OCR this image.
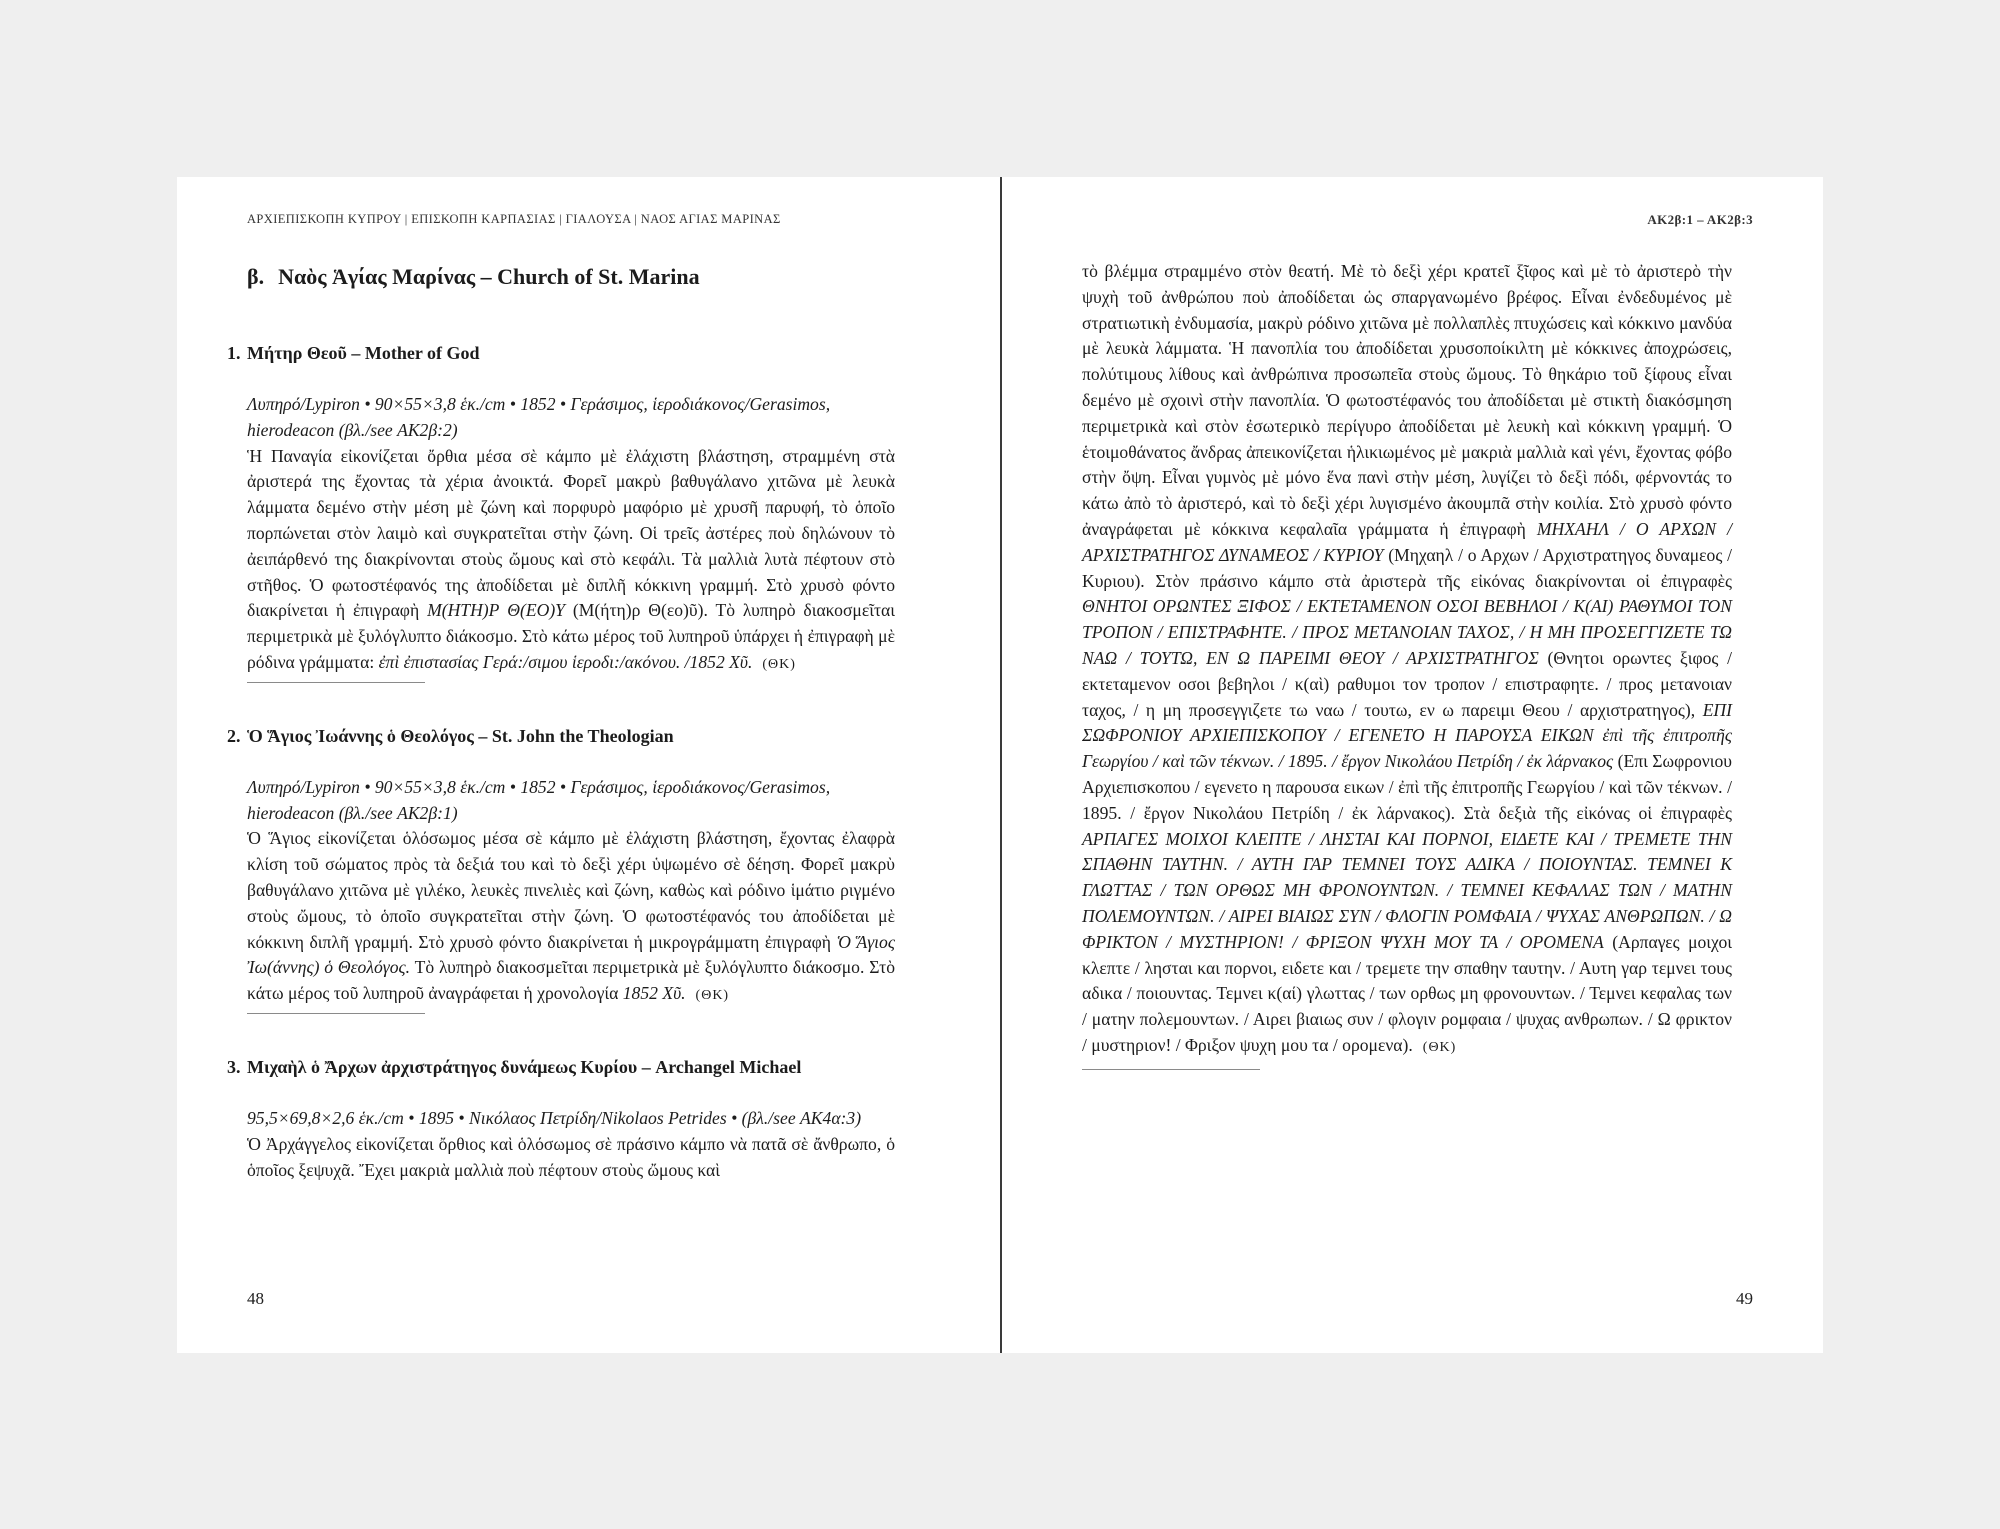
ΑΡΧΙΕΠΙΣΚΟΠΗ ΚΥΠΡΟΥ | ΕΠΙΣΚΟΠΗ ΚΑΡΠΑΣΙΑΣ | ΓΙΑΛΟΥΣΑ | ΝΑΟΣ ΑΓΙΑΣ ΜΑΡΙΝΑΣ
β. Ναὸς Ἁγίας Μαρίνας – Church of St. Marina
1. Μήτηρ Θεοῦ – Mother of God

Λυπηρό/Lypiron • 90×55×3,8 ἑκ./cm • 1852 • Γεράσιμος, ἱεροδιάκονος/Gerasimos, hierodeacon (βλ./see ΑΚ2β:2)

Ἡ Παναγία εἰκονίζεται ὄρθια μέσα σὲ κάμπο μὲ ἐλάχιστη βλάστηση, στραμμένη στὰ ἀριστερά της ἔχοντας τὰ χέρια ἀνοικτά. Φορεῖ μακρὺ βαθυγάλανο χιτῶνα μὲ λευκὰ λάμματα δεμένο στὴν μέση μὲ ζώνη καὶ πορφυρὸ μαφόριο μὲ χρυσῆ παρυφή, τὸ ὁποῖο πορπώνεται στὸν λαιμὸ καὶ συγκρατεῖται στὴν ζώνη. Οἱ τρεῖς ἀστέρες ποὺ δηλώνουν τὸ ἀειπάρθενό της διακρίνονται στοὺς ὤμους καὶ στὸ κεφάλι. Τὰ μαλλιὰ λυτὰ πέφτουν στὸ στῆθος. Ὁ φωτοστέφανός της ἀποδίδεται μὲ διπλῆ κόκκινη γραμμή. Στὸ χρυσὸ φόντο διακρίνεται ἡ ἐπιγραφὴ Μ(ΗΤΗ)Ρ Θ(ΕΟ)Υ (Μ(ήτη)ρ Θ(εο)ῦ). Τὸ λυπηρὸ διακοσμεῖται περιμετρικὰ μὲ ξυλόγλυπτο διάκοσμο. Στὸ κάτω μέρος τοῦ λυπηροῦ ὑπάρχει ἡ ἐπιγραφὴ μὲ ρόδινα γράμματα: ἐπὶ ἐπιστασίας Γερά:/σιμου ἱεροδι:/ακόνου. /1852 Χῦ. (ΘΚ)

2. Ὁ Ἅγιος Ἰωάννης ὁ Θεολόγος – St. John the Theologian

Λυπηρό/Lypiron • 90×55×3,8 ἑκ./cm • 1852 • Γεράσιμος, ἱεροδιάκονος/Gerasimos, hierodeacon (βλ./see ΑΚ2β:1)

Ὁ Ἅγιος εἰκονίζεται ὁλόσωμος μέσα σὲ κάμπο μὲ ἐλάχιστη βλάστηση, ἔχοντας ἐλαφρὰ κλίση τοῦ σώματος πρὸς τὰ δεξιά του καὶ τὸ δεξὶ χέρι ὑψωμένο σὲ δέηση. Φορεῖ μακρὺ βαθυγάλανο χιτῶνα μὲ γιλέκο, λευκὲς πινελιὲς καὶ ζώνη, καθὼς καὶ ρόδινο ἱμάτιο ριγμένο στοὺς ὤμους, τὸ ὁποῖο συγκρατεῖται στὴν ζώνη. Ὁ φωτοστέφανός του ἀποδίδεται μὲ κόκκινη διπλῆ γραμμή. Στὸ χρυσὸ φόντο διακρίνεται ἡ μικρογράμματη ἐπιγραφὴ Ὁ Ἅγιος Ἰω(άννης) ὁ Θεολόγος. Τὸ λυπηρὸ διακοσμεῖται περιμετρικὰ μὲ ξυλόγλυπτο διάκοσμο. Στὸ κάτω μέρος τοῦ λυπηροῦ ἀναγράφεται ἡ χρονολογία 1852 Χῦ. (ΘΚ)

3. Μιχαὴλ ὁ Ἄρχων ἀρχιστράτηγος δυνάμεως Κυρίου – Archangel Michael

95,5×69,8×2,6 ἑκ./cm • 1895 • Νικόλαος Πετρίδη/Nikolaos Petrides • (βλ./see ΑΚ4α:3)

Ὁ Ἀρχάγγελος εἰκονίζεται ὄρθιος καὶ ὁλόσωμος σὲ πράσινο κάμπο νὰ πατᾶ σὲ ἄνθρωπο, ὁ ὁποῖος ξεψυχᾶ. Ἔχει μακριὰ μαλλιὰ ποὺ πέφτουν στοὺς ὤμους καὶ

48
ΑΚ2β:1 – ΑΚ2β:3

τὸ βλέμμα στραμμένο στὸν θεατή. Μὲ τὸ δεξὶ χέρι κρατεῖ ξῖφος καὶ μὲ τὸ ἀριστερὸ τὴν ψυχὴ τοῦ ἀνθρώπου ποὺ ἀποδίδεται ὡς σπαργανωμένο βρέφος. Εἶναι ἐνδεδυμένος μὲ στρατιωτικὴ ἐνδυμασία, μακρὺ ρόδινο χιτῶνα μὲ πολλαπλὲς πτυχώσεις καὶ κόκκινο μανδύα μὲ λευκὰ λάμματα. Ἡ πανοπλία του ἀποδίδεται χρυσοποίκιλτη μὲ κόκκινες ἀποχρώσεις, πολύτιμους λίθους καὶ ἀνθρώπινα προσωπεῖα στοὺς ὤμους. Τὸ θηκάριο τοῦ ξίφους εἶναι δεμένο μὲ σχοινὶ στὴν πανοπλία. Ὁ φωτοστέφανός του ἀποδίδεται μὲ στικτὴ διακόσμηση περιμετρικὰ καὶ στὸν ἐσωτερικὸ περίγυρο ἀποδίδεται μὲ λευκὴ καὶ κόκκινη γραμμή. Ὁ ἑτοιμοθάνατος ἄνδρας ἀπεικονίζεται ἡλικιωμένος μὲ μακριὰ μαλλιὰ καὶ γένι, ἔχοντας φόβο στὴν ὄψη. Εἶναι γυμνὸς μὲ μόνο ἕνα πανὶ στὴν μέση, λυγίζει τὸ δεξὶ πόδι, φέρνοντάς το κάτω ἀπὸ τὸ ἀριστερό, καὶ τὸ δεξὶ χέρι λυγισμένο ἀκουμπᾶ στὴν κοιλία. Στὸ χρυσὸ φόντο ἀναγράφεται μὲ κόκκινα κεφαλαῖα γράμματα ἡ ἐπιγραφὴ ΜΗΧΑΗΛ / Ο ΑΡΧΩΝ / ΑΡΧΙΣΤΡΑΤΗΓΟΣ ΔΥΝΑΜΕΟΣ / ΚΥΡΙΟΥ (Μηχαηλ / ο Αρχων / Αρχιστρατηγος δυναμεος / Κυριου). Στὸν πράσινο κάμπο στὰ ἀριστερὰ τῆς εἰκόνας διακρίνονται οἱ ἐπιγραφὲς ΘΝΗΤΟΙ ΟΡΩΝΤΕΣ ΞΙΦΟΣ / ΕΚΤΕΤΑΜΕΝΟΝ ΟΣΟΙ ΒΕΒΗΛΟΙ / Κ(ΑΙ) ΡΑΘΥΜΟΙ ΤΟΝ ΤΡΟΠΟΝ / ΕΠΙΣΤΡΑΦΗΤΕ. / ΠΡΟΣ ΜΕΤΑΝΟΙΑΝ ΤΑΧΟΣ, / Η ΜΗ ΠΡΟΣΕΓΓΙΖΕΤΕ ΤΩ ΝΑΩ / ΤΟΥΤΩ, ΕΝ Ω ΠΑΡΕΙΜΙ ΘΕΟΥ / ΑΡΧΙΣΤΡΑΤΗΓΟΣ (Θνητοι ορωντες ξιφος / εκτεταμενον οσοι βεβηλοι / κ(αὶ) ραθυμοι τον τροπον / επιστραφητε. / προς μετανοιαν ταχος, / η μη προσεγγιζετε τω ναω / τουτω, εν ω παρειμι Θεου / αρχιστρατηγος), ΕΠΙ ΣΩΦΡΟΝΙΟΥ ΑΡΧΙΕΠΙΣΚΟΠΟΥ / ΕΓΕΝΕΤΟ Η ΠΑΡΟΥΣΑ ΕΙΚΩΝ ἐπὶ τῆς ἐπιτροπῆς Γεωργίου / καὶ τῶν τέκνων. / 1895. / ἔργον Νικολάου Πετρίδη / ἐκ λάρνακος (Επι Σωφρονιου Αρχιεπισκοπου / εγενετο η παρουσα εικων / ἐπὶ τῆς ἐπιτροπῆς Γεωργίου / καὶ τῶν τέκνων. / 1895. / ἔργον Νικολάου Πετρίδη / ἐκ λάρνακος). Στὰ δεξιὰ τῆς εἰκόνας οἱ ἐπιγραφὲς ΑΡΠΑΓΕΣ ΜΟΙΧΟΙ ΚΛΕΠΤΕ / ΛΗΣΤΑΙ ΚΑΙ ΠΟΡΝΟΙ, ΕΙΔΕΤΕ ΚΑΙ / ΤΡΕΜΕΤΕ ΤΗΝ ΣΠΑΘΗΝ ΤΑΥΤΗΝ. / ΑΥΤΗ ΓΑΡ ΤΕΜΝΕΙ ΤΟΥΣ ΑΔΙΚΑ / ΠΟΙΟΥΝΤΑΣ. ΤΕΜΝΕΙ Κ ΓΛΩΤΤΑΣ / ΤΩΝ ΟΡΘΩΣ ΜΗ ΦΡΟΝΟΥΝΤΩΝ. / ΤΕΜΝΕΙ ΚΕΦΑΛΑΣ ΤΩΝ / ΜΑΤΗΝ ΠΟΛΕΜΟΥΝΤΩΝ. / ΑΙΡΕΙ ΒΙΑΙΩΣ ΣΥΝ / ΦΛΟΓΙΝ ΡΟΜΦΑΙΑ / ΨΥΧΑΣ ΑΝΘΡΩΠΩΝ. / Ω ΦΡΙΚΤΟΝ / ΜΥΣΤΗΡΙΟΝ! / ΦΡΙΞΟΝ ΨΥΧΗ ΜΟΥ ΤΑ / ΟΡΟΜΕΝΑ (Αρπαγες μοιχοι κλεπτε / λησται και πορνοι, ειδετε και / τρεμετε την σπαθην ταυτην. / Αυτη γαρ τεμνει τους αδικα / ποιουντας. Τεμνει κ(αί) γλωττας / των ορθως μη φρονουντων. / Τεμνει κεφαλας των / ματην πολεμουντων. / Αιρει βιαιως συν / φλογιν ρομφαια / ψυχας ανθρωπων. / Ω φρικτον / μυστηριον! / Φριξον ψυχη μου τα / ορομενα). (ΘΚ)

49
